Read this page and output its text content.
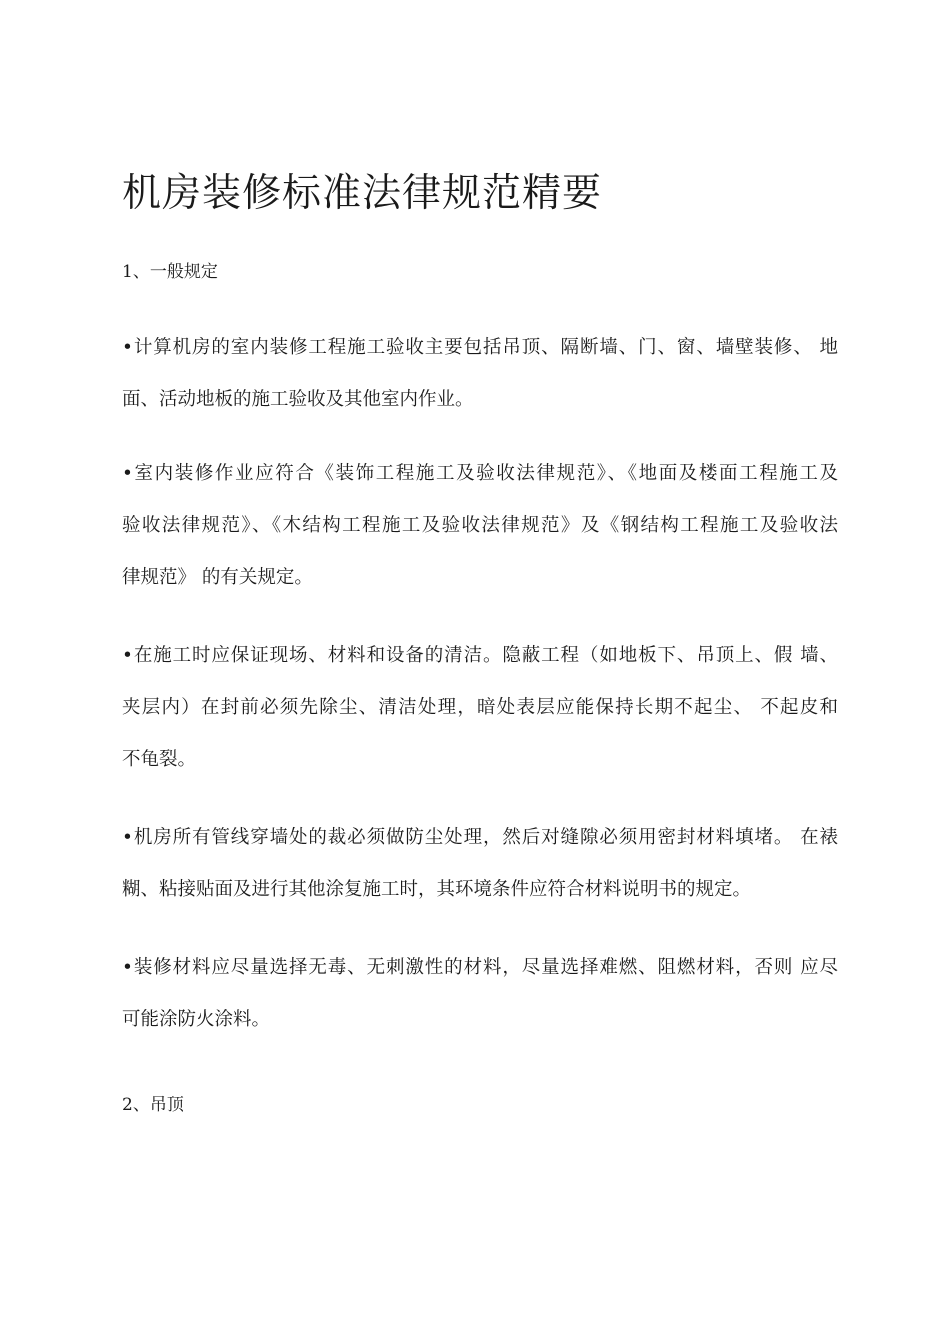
机房装修标准法律规范精要
1、一般规定
•计算机房的室内装修工程施工验收主要包括吊顶、隔断墙、门、窗、墙壁装修、 地
面、活动地板的施工验收及其他室内作业。
•室内装修作业应符合《装饰工程施工及验收法律规范》、《地面及楼面工程施工及
验收法律规范》、《木结构工程施工及验收法律规范》及《钢结构工程施工及验收法
律规范》 的有关规定。
•在施工时应保证现场、材料和设备的清洁。隐蔽工程（如地板下、吊顶上、假 墙、
夹层内）在封前必须先除尘、清洁处理，暗处表层应能保持长期不起尘、 不起皮和
不龟裂。
•机房所有管线穿墙处的裁必须做防尘处理，然后对缝隙必须用密封材料填堵。 在裱
糊、粘接贴面及进行其他涂复施工时，其环境条件应符合材料说明书的规定。
•装修材料应尽量选择无毒、无刺激性的材料，尽量选择难燃、阻燃材料，否则 应尽
可能涂防火涂料。
2、吊顶
